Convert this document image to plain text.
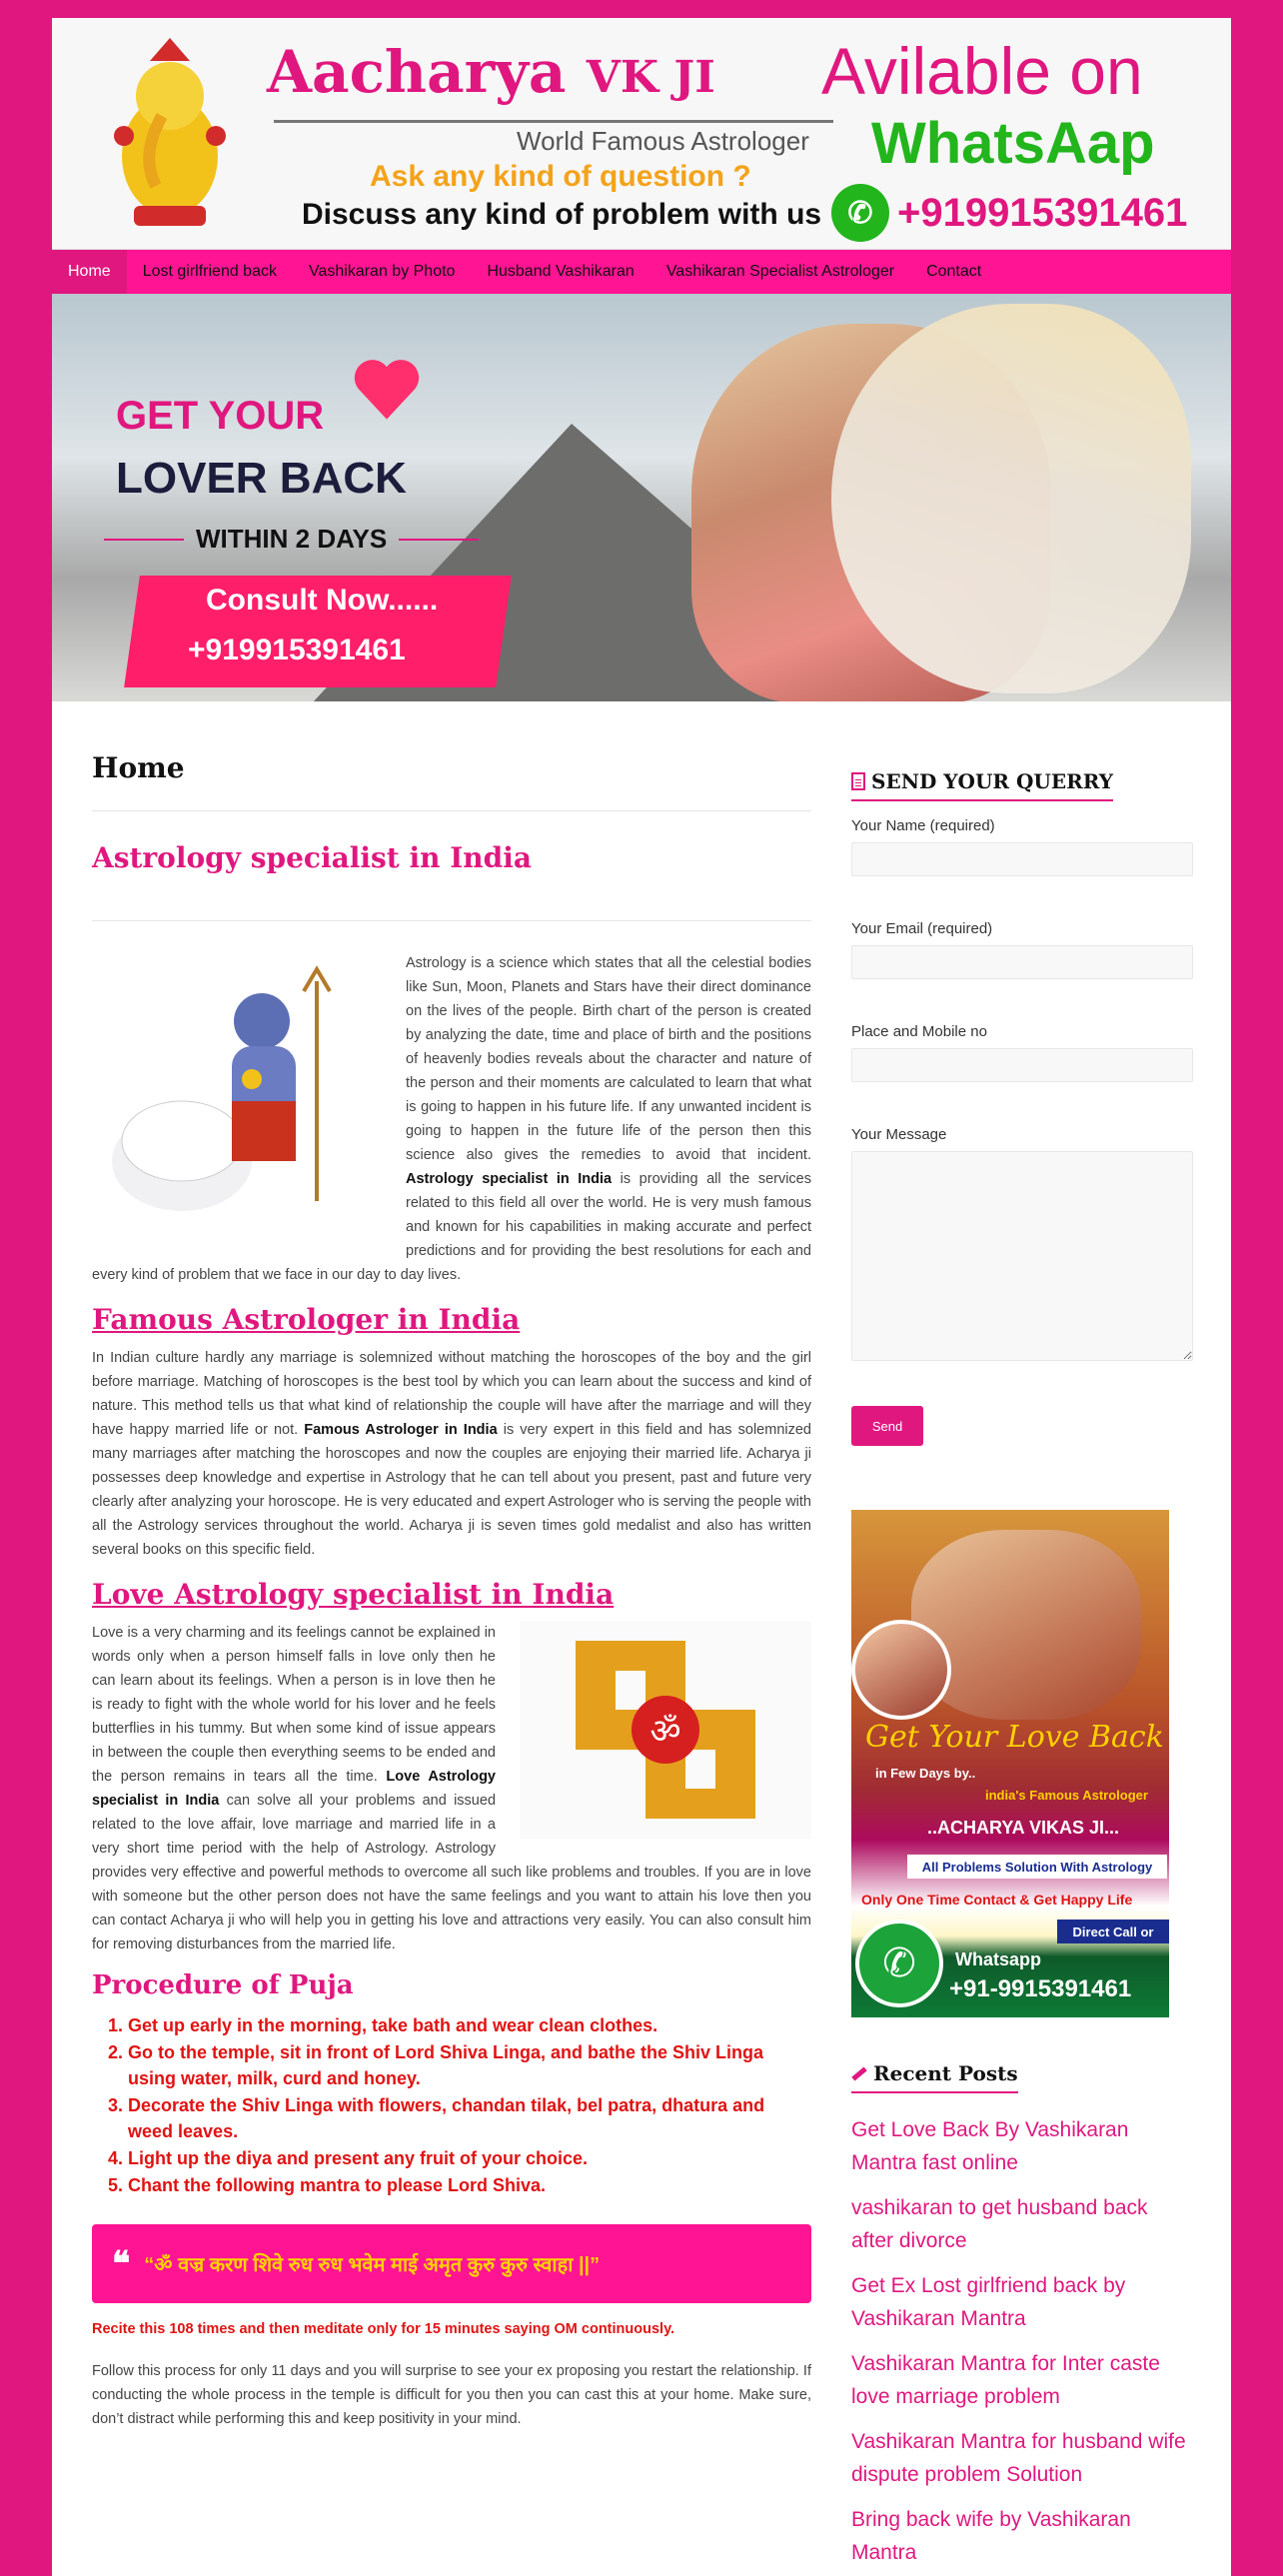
Aacharya VK JI
World Famous Astrologer
Ask any kind of question ?
Discuss any kind of problem with us
Avilable on
WhatsAap
✆ +919915391461
Home	Lost girlfriend back	Vashikaran by Photo	Husband Vashikaran	Vashikaran Specialist Astrologer	Contact
GET YOUR
LOVER BACK
WITHIN 2 DAYS
Consult Now......
+919915391461
Home
Astrology specialist in India

Astrology is a science which states that all the celestial bodies like Sun, Moon, Planets and Stars have their direct dominance on the lives of the people. Birth chart of the person is created by analyzing the date, time and place of birth and the positions of heavenly bodies reveals about the character and nature of the person and their moments are calculated to learn that what is going to happen in his future life. If any unwanted incident is going to happen in the future life of the person then this science also gives the remedies to avoid that incident. Astrology specialist in India is providing all the services related to this field all over the world. He is very mush famous and known for his capabilities in making accurate and perfect predictions and for providing the best resolutions for each and every kind of problem that we face in our day to day lives.

Famous Astrologer in India

In Indian culture hardly any marriage is solemnized without matching the horoscopes of the boy and the girl before marriage. Matching of horoscopes is the best tool by which you can learn about the success and kind of nature. This method tells us that what kind of relationship the couple will have after the marriage and will they have happy married life or not. Famous Astrologer in India is very expert in this field and has solemnized many marriages after matching the horoscopes and now the couples are enjoying their married life. Acharya ji possesses deep knowledge and expertise in Astrology that he can tell about you present, past and future very clearly after analyzing your horoscope. He is very educated and expert Astrologer who is serving the people with all the Astrology services throughout the world. Acharya ji is seven times gold medalist and also has written several books on this specific field.

Love Astrology specialist in India
ॐ

Love is a very charming and its feelings cannot be explained in words only when a person himself falls in love only then he can learn about its feelings. When a person is in love then he is ready to fight with the whole world for his lover and he feels butterflies in his tummy. But when some kind of issue appears in between the couple then everything seems to be ended and the person remains in tears all the time. Love Astrology specialist in India can solve all your problems and issued related to the love affair, love marriage and married life in a very short time period with the help of Astrology. Astrology provides very effective and powerful methods to overcome all such like problems and troubles. If you are in love with someone but the other person does not have the same feelings and you want to attain his love then you can contact Acharya ji who will help you in getting his love and attractions very easily. You can also consult him for removing disturbances from the married life.

Procedure of Puja
1. Get up early in the morning, take bath and wear clean clothes.
2. Go to the temple, sit in front of Lord Shiva Linga, and bathe the Shiv Linga using water, milk, curd and honey.
3. Decorate the Shiv Linga with flowers, chandan tilak, bel patra, dhatura and weed leaves.
4. Light up the diya and present any fruit of your choice.
5. Chant the following mantra to please Lord Shiva.
❝ “ॐ वज्र करण शिवे रुध रुध भवेम माई अमृत कुरु कुरु स्वाहा ||”

Recite this 108 times and then meditate only for 15 minutes saying OM continuously.

Follow this process for only 11 days and you will surprise to see your ex proposing you restart the relationship. If conducting the whole process in the temple is difficult for you then you can cast this at your home. Make sure, don’t distract while performing this and keep positivity in your mind.

SEND YOUR QUERRY
Your Name (required)
Your Email (required)
Place and Mobile no
Your Message
Send
Get Your Love Back
in Few Days by..
india's Famous Astrologer
..ACHARYA VIKAS JI...
All Problems Solution With Astrology
Only One Time Contact & Get Happy Life
Direct Call or
✆	Whatsapp
+91-9915391461
Recent Posts
Get Love Back By Vashikaran Mantra fast online
vashikaran to get husband back after divorce
Get Ex Lost girlfriend back by Vashikaran Mantra
Vashikaran Mantra for Inter caste love marriage problem
Vashikaran Mantra for husband wife dispute problem Solution
Bring back wife by Vashikaran Mantra
